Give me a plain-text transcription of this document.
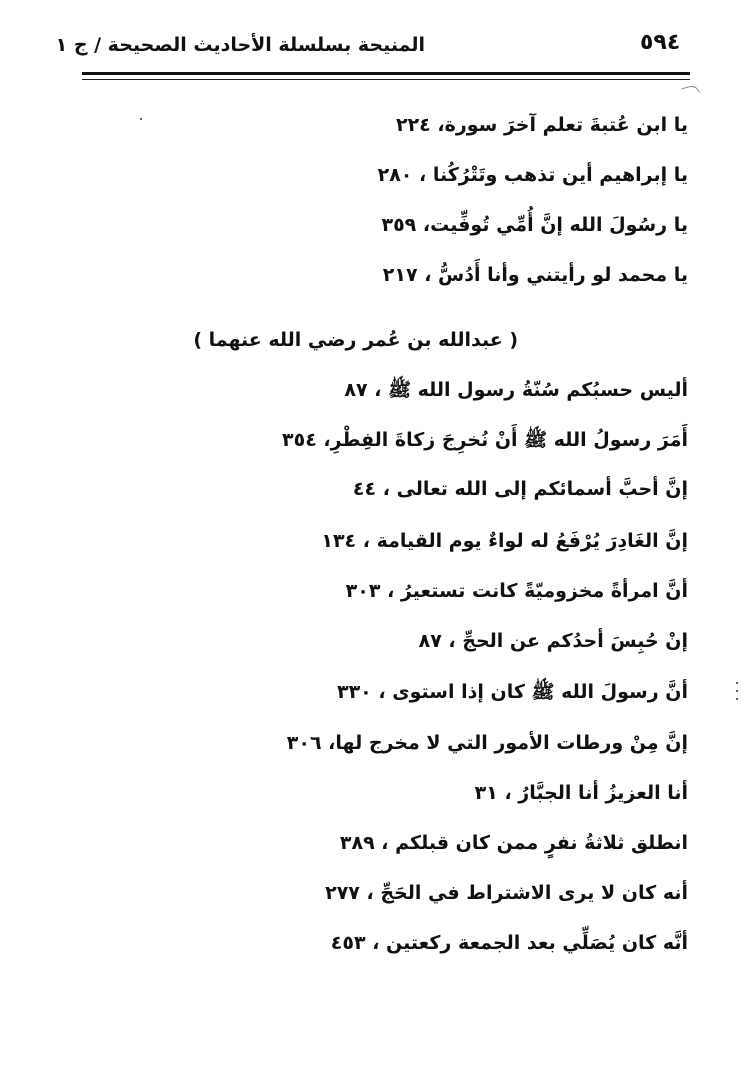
المنيحة بسلسلة الأحاديث الصحيحة / ج ١	٥٩٤
يا ابن عُتبةَ تعلم آخرَ سورة، ٢٢٤
يا إبراهيم أين تذهب وتَتْرُكُنا ، ٢٨٠
يا رسُولَ الله إنَّ أُمِّي تُوفِّيت، ٣٥٩
يا محمد لو رأيتني وأنا أَدُسُّ ، ٢١٧
( عبدالله بن عُمر رضي الله عنهما )
أليس حسبُكم سُنّةُ رسول الله ﷺ ، ٨٧
أَمَرَ رسولُ الله ﷺ أَنْ نُخرِجَ زكاةَ الفِطْرِ، ٣٥٤
إنَّ أحبَّ أسمائكم إلى الله تعالى ، ٤٤
إنَّ الغَادِرَ يُرْفَعُ له لواءٌ يوم القيامة ، ١٣٤
أنَّ امرأةً مخزوميّةً كانت تستعيرُ ، ٣٠٣
إنْ حُبِسَ أحدُكم عن الحجِّ ، ٨٧
أنَّ رسولَ الله ﷺ كان إذا استوى ، ٣٣٠
إنَّ مِنْ ورطات الأمور التي لا مخرج لها، ٣٠٦
أنا العزيزُ أنا الجبَّارُ ، ٣١
انطلق ثلاثةُ نفرٍ ممن كان قبلكم ، ٣٨٩
أنه كان لا يرى الاشتراط في الحَجِّ ، ٢٧٧
أنَّه كان يُصَلِّي بعد الجمعة ركعتين ، ٤٥٣
